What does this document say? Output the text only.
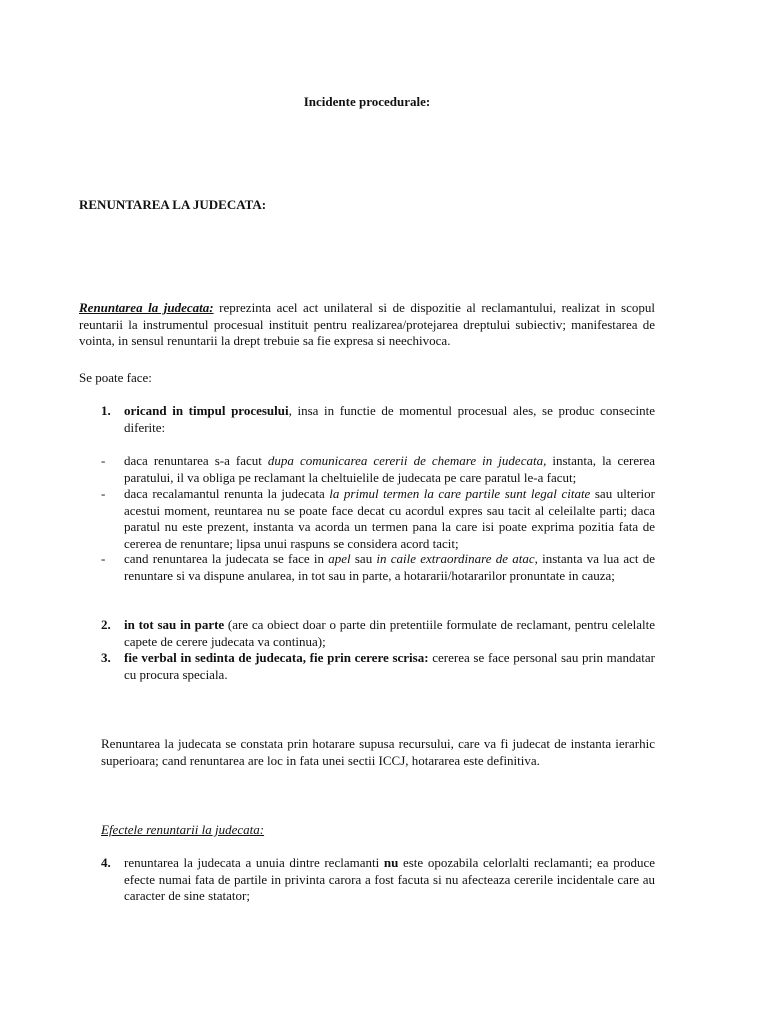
Incidente procedurale:
RENUNTAREA LA JUDECATA:
Renuntarea la judecata: reprezinta acel act unilateral si de dispozitie al reclamantului, realizat in scopul reuntarii la instrumentul procesual instituit pentru realizarea/protejarea dreptului subiectiv; manifestarea de vointa, in sensul renuntarii la drept trebuie sa fie expresa si neechivoca.
Se poate face:
1. oricand in timpul procesului, insa in functie de momentul procesual ales, se produc consecinte diferite:
- daca renuntarea s-a facut dupa comunicarea cererii de chemare in judecata, instanta, la cererea paratului, il va obliga pe reclamant la cheltuielile de judecata pe care paratul le-a facut;
- daca recalamantul renunta la judecata la primul termen la care partile sunt legal citate sau ulterior acestui moment, reuntarea nu se poate face decat cu acordul expres sau tacit al celeilalte parti; daca paratul nu este prezent, instanta va acorda un termen pana la care isi poate exprima pozitia fata de cererea de renuntare; lipsa unui raspuns se considera acord tacit;
- cand renuntarea la judecata se face in apel sau in caile extraordinare de atac, instanta va lua act de renuntare si va dispune anularea, in tot sau in parte, a hotararii/hotararilor pronuntate in cauza;
2. in tot sau in parte (are ca obiect doar o parte din pretentiile formulate de reclamant, pentru celelalte capete de cerere judecata va continua);
3. fie verbal in sedinta de judecata, fie prin cerere scrisa: cererea se face personal sau prin mandatar cu procura speciala.
Renuntarea la judecata se constata prin hotarare supusa recursului, care va fi judecat de instanta ierarhic superioara; cand renuntarea are loc in fata unei sectii ICCJ, hotararea este definitiva.
Efectele renuntarii la judecata:
4. renuntarea la judecata a unuia dintre reclamanti nu este opozabila celorlalti reclamanti; ea produce efecte numai fata de partile in privinta carora a fost facuta si nu afecteaza cererile incidentale care au caracter de sine statator;
